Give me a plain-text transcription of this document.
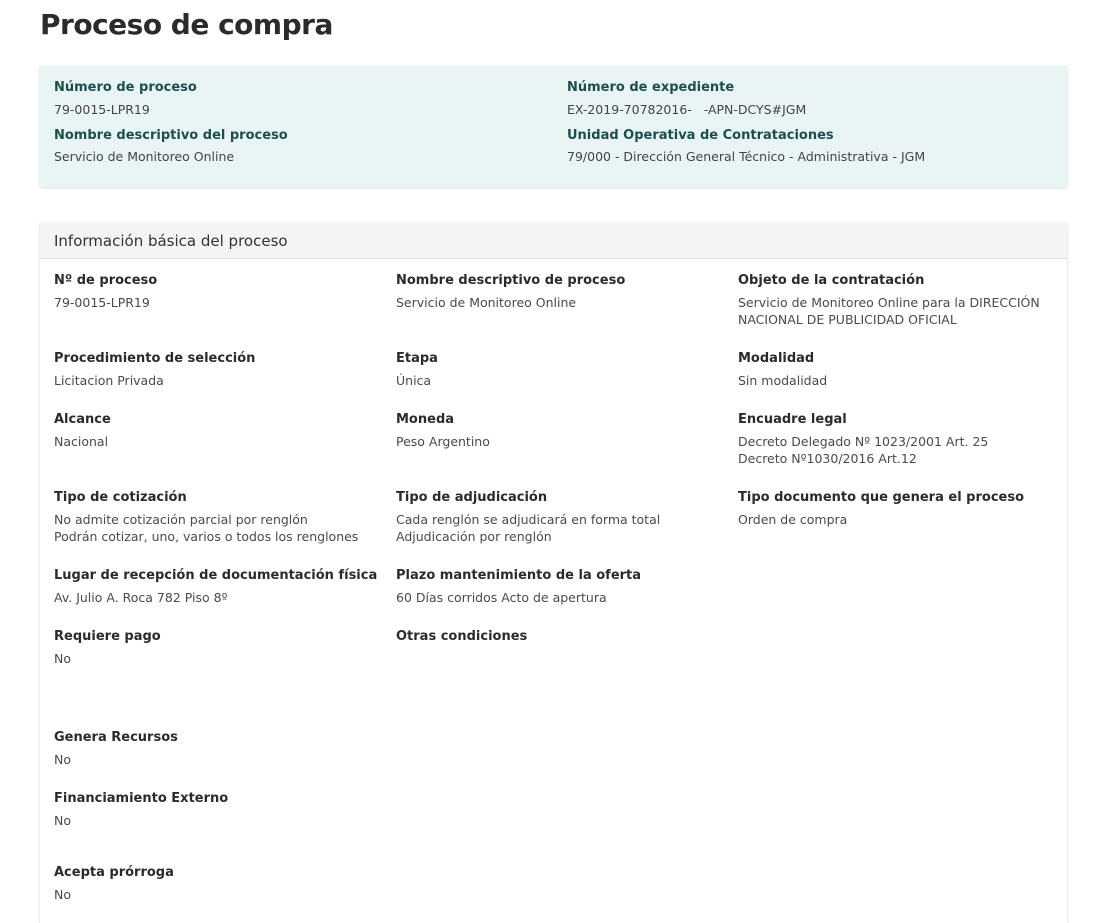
Proceso de compra
Número de proceso
79-0015-LPR19
Nombre descriptivo del proceso
Servicio de Monitoreo Online
Número de expediente
EX-2019-70782016-   -APN-DCYS#JGM
Unidad Operativa de Contrataciones
79/000 - Dirección General Técnico - Administrativa - JGM
Información básica del proceso
Nº de proceso
79-0015-LPR19
Nombre descriptivo de proceso
Servicio de Monitoreo Online
Objeto de la contratación
Servicio de Monitoreo Online para la DIRECCIÓN
NACIONAL DE PUBLICIDAD OFICIAL
Procedimiento de selección
Licitacion Privada
Etapa
Única
Modalidad
Sin modalidad
Alcance
Nacional
Moneda
Peso Argentino
Encuadre legal
Decreto Delegado Nº 1023/2001 Art. 25
Decreto Nº1030/2016 Art.12
Tipo de cotización
No admite cotización parcial por renglón
Podrán cotizar, uno, varios o todos los renglones
Tipo de adjudicación
Cada renglón se adjudicará en forma total
Adjudicación por renglón
Tipo documento que genera el proceso
Orden de compra
Lugar de recepción de documentación física
Av. Julio A. Roca 782 Piso 8º
Plazo mantenimiento de la oferta
60 Días corridos Acto de apertura
Requiere pago
No
Otras condiciones
Genera Recursos
No
Financiamiento Externo
No
Acepta prórroga
No
